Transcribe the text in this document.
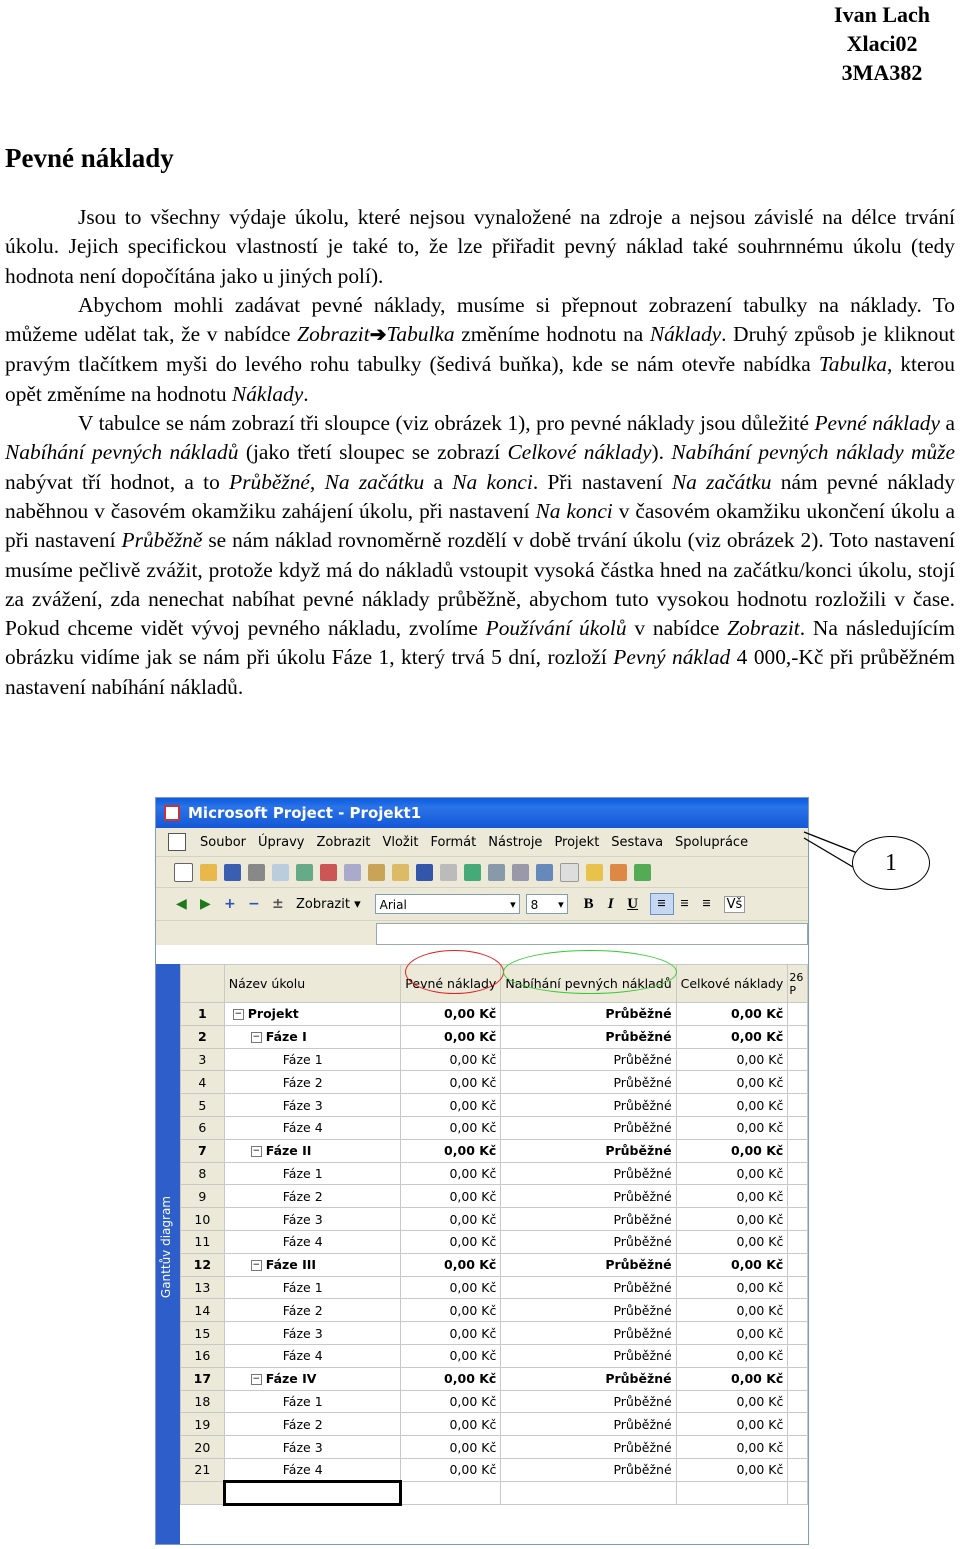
Ivan Lach
Xlaci02
3MA382
Pevné náklady

Jsou to všechny výdaje úkolu, které nejsou vynaložené na zdroje a nejsou závislé na délce trvání úkolu. Jejich specifickou vlastností je také to, že lze přiřadit pevný náklad také souhrnnému úkolu (tedy hodnota není dopočítána jako u jiných polí).

Abychom mohli zadávat pevné náklady, musíme si přepnout zobrazení tabulky na náklady. To můžeme udělat tak, že v nabídce Zobrazit➔Tabulka změníme hodnotu na Náklady. Druhý způsob je kliknout pravým tlačítkem myši do levého rohu tabulky (šedivá buňka), kde se nám otevře nabídka Tabulka, kterou opět změníme na hodnotu Náklady.

V tabulce se nám zobrazí tři sloupce (viz obrázek 1), pro pevné náklady jsou důležité Pevné náklady a Nabíhání pevných nákladů (jako třetí sloupec se zobrazí Celkové náklady). Nabíhání pevných náklady může nabývat tří hodnot, a to Průběžné, Na začátku a Na konci. Při nastavení Na začátku nám pevné náklady naběhnou v časovém okamžiku zahájení úkolu, při nastavení Na konci v časovém okamžiku ukončení úkolu a při nastavení Průběžně se nám náklad rovnoměrně rozdělí v době trvání úkolu (viz obrázek 2). Toto nastavení musíme pečlivě zvážit, protože když má do nákladů vstoupit vysoká částka hned na začátku/konci úkolu, stojí za zvážení, zda nenechat nabíhat pevné náklady průběžně, abychom tuto vysokou hodnotu rozložili v čase. Pokud chceme vidět vývoj pevného nákladu, zvolíme Používání úkolů v nabídce Zobrazit. Na následujícím obrázku vidíme jak se nám při úkolu Fáze 1, který trvá 5 dní, rozloží Pevný náklad 4 000,-Kč při průběžném nastavení nabíhání nákladů.

Microsoft Project - Projekt1
Soubor Úpravy Zobrazit Vložit Formát Nástroje Projekt Sestava Spolupráce
◀ ▶ + − ± Zobrazit ▾	Arial ▾	8 ▾	B I U	≡ ≡ ≡	Vš
Ganttův diagram
	Název úkolu	Pevné náklady	Nabíhání pevných nákladů	Celkové náklady	26 P
1	− Projekt	0,00 Kč	Průběžné	0,00 Kč	
2	− Fáze I	0,00 Kč	Průběžné	0,00 Kč	
3	Fáze 1	0,00 Kč	Průběžné	0,00 Kč	
4	Fáze 2	0,00 Kč	Průběžné	0,00 Kč	
5	Fáze 3	0,00 Kč	Průběžné	0,00 Kč	
6	Fáze 4	0,00 Kč	Průběžné	0,00 Kč	
7	− Fáze II	0,00 Kč	Průběžné	0,00 Kč	
8	Fáze 1	0,00 Kč	Průběžné	0,00 Kč	
9	Fáze 2	0,00 Kč	Průběžné	0,00 Kč	
10	Fáze 3	0,00 Kč	Průběžné	0,00 Kč	
11	Fáze 4	0,00 Kč	Průběžné	0,00 Kč	
12	− Fáze III	0,00 Kč	Průběžné	0,00 Kč	
13	Fáze 1	0,00 Kč	Průběžné	0,00 Kč	
14	Fáze 2	0,00 Kč	Průběžné	0,00 Kč	
15	Fáze 3	0,00 Kč	Průběžné	0,00 Kč	
16	Fáze 4	0,00 Kč	Průběžné	0,00 Kč	
17	− Fáze IV	0,00 Kč	Průběžné	0,00 Kč	
18	Fáze 1	0,00 Kč	Průběžné	0,00 Kč	
19	Fáze 2	0,00 Kč	Průběžné	0,00 Kč	
20	Fáze 3	0,00 Kč	Průběžné	0,00 Kč	
21	Fáze 4	0,00 Kč	Průběžné	0,00 Kč	

1
